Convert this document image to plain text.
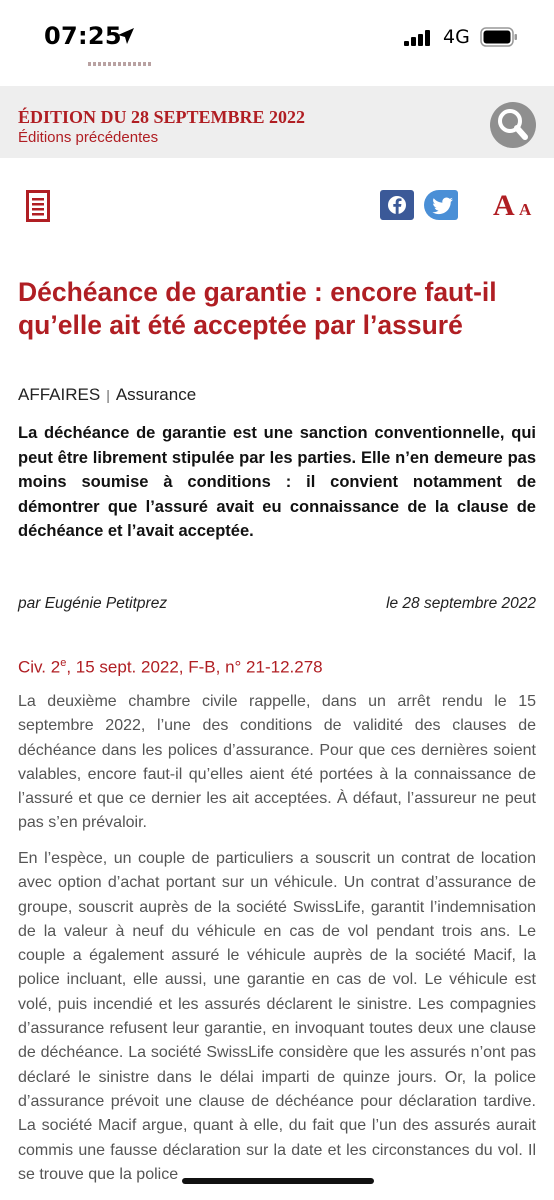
07:25	4G
ÉDITION DU 28 SEPTEMBRE 2022
Éditions précédentes
A A
Déchéance de garantie : encore faut-il qu’elle ait été acceptée par l’assuré
AFFAIRES | Assurance

La déchéance de garantie est une sanction conventionnelle, qui peut être librement stipulée par les parties. Elle n’en demeure pas moins soumise à conditions : il convient notamment de démontrer que l’assuré avait eu connaissance de la clause de déchéance et l’avait acceptée.

par Eugénie Petitprez	le 28 septembre 2022
Civ. 2e, 15 sept. 2022, F-B, n° 21-12.278

La deuxième chambre civile rappelle, dans un arrêt rendu le 15 septembre 2022, l’une des conditions de validité des clauses de déchéance dans les polices d’assurance. Pour que ces dernières soient valables, encore faut-il qu’elles aient été portées à la connaissance de l’assuré et que ce dernier les ait acceptées. À défaut, l’assureur ne peut pas s’en prévaloir.

En l’espèce, un couple de particuliers a souscrit un contrat de location avec option d’achat portant sur un véhicule. Un contrat d’assurance de groupe, souscrit auprès de la société SwissLife, garantit l’indemnisation de la valeur à neuf du véhicule en cas de vol pendant trois ans. Le couple a également assuré le véhicule auprès de la société Macif, la police incluant, elle aussi, une garantie en cas de vol. Le véhicule est volé, puis incendié et les assurés déclarent le sinistre. Les compagnies d’assurance refusent leur garantie, en invoquant toutes deux une clause de déchéance. La société SwissLife considère que les assurés n’ont pas déclaré le sinistre dans le délai imparti de quinze jours. Or, la police d’assurance prévoit une clause de déchéance pour déclaration tardive. La société Macif argue, quant à elle, du fait que l’un des assurés aurait commis une fausse déclaration sur la date et les circonstances du vol. Il se trouve que la police
